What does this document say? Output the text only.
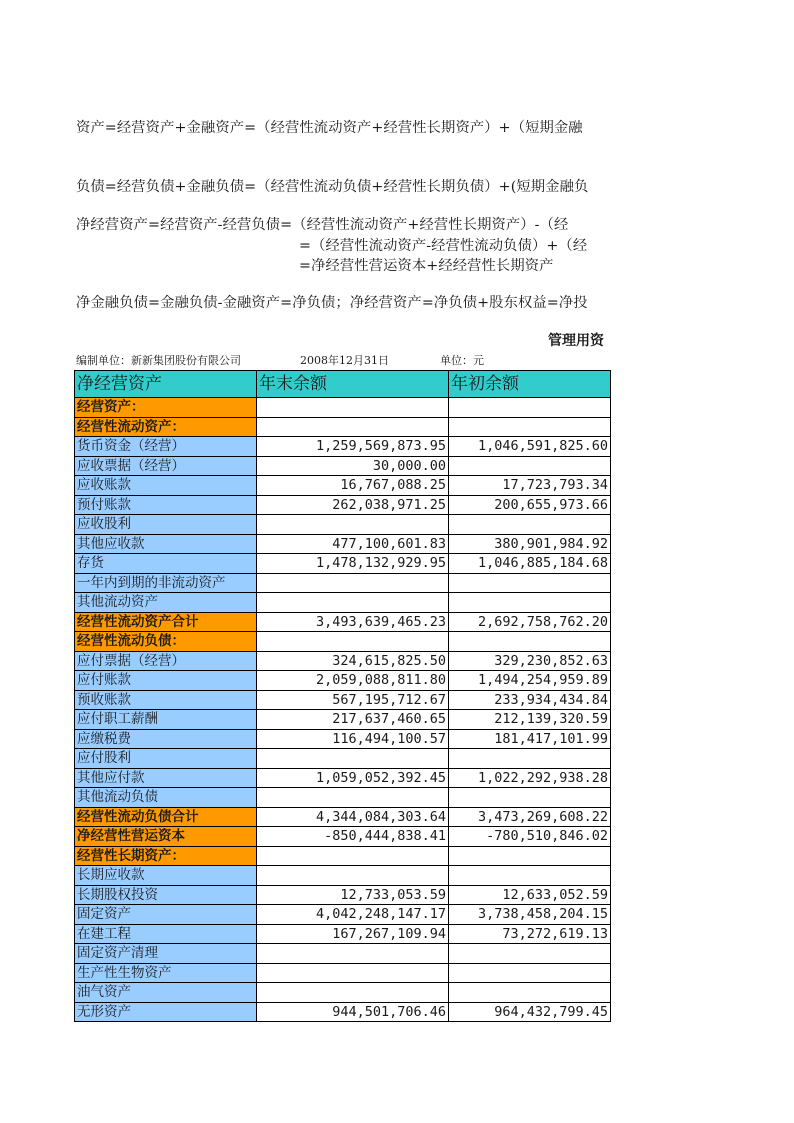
资产=经营资产+金融资产=（经营性流动资产+经营性长期资产）+（短期金融
负债=经营负债+金融负债=（经营性流动负债+经营性长期负债）+(短期金融负
净经营资产=经营资产-经营负债=（经营性流动资产+经营性长期资产）-（经
=（经营性流动资产-经营性流动负债）+（经
=净经营性营运资本+经经营性长期资产
净金融负债=金融负债-金融资产=净负债；净经营资产=净负债+股东权益=净投
管理用资
编制单位：新新集团股份有限公司	2008年12月31日	单位：元
净经营资产	年末余额	年初余额
经营资产：		
经营性流动资产：		
货币资金（经营）	1,259,569,873.95	1,046,591,825.60
应收票据（经营）	30,000.00	
应收账款	16,767,088.25	17,723,793.34
预付账款	262,038,971.25	200,655,973.66
应收股利		
其他应收款	477,100,601.83	380,901,984.92
存货	1,478,132,929.95	1,046,885,184.68
一年内到期的非流动资产		
其他流动资产		
经营性流动资产合计	3,493,639,465.23	2,692,758,762.20
经营性流动负债：		
应付票据（经营）	324,615,825.50	329,230,852.63
应付账款	2,059,088,811.80	1,494,254,959.89
预收账款	567,195,712.67	233,934,434.84
应付职工薪酬	217,637,460.65	212,139,320.59
应缴税费	116,494,100.57	181,417,101.99
应付股利		
其他应付款	1,059,052,392.45	1,022,292,938.28
其他流动负债		
经营性流动负债合计	4,344,084,303.64	3,473,269,608.22
净经营性营运资本	-850,444,838.41	-780,510,846.02
经营性长期资产：		
长期应收款		
长期股权投资	12,733,053.59	12,633,052.59
固定资产	4,042,248,147.17	3,738,458,204.15
在建工程	167,267,109.94	73,272,619.13
固定资产清理		
生产性生物资产		
油气资产		
无形资产	944,501,706.46	964,432,799.45
